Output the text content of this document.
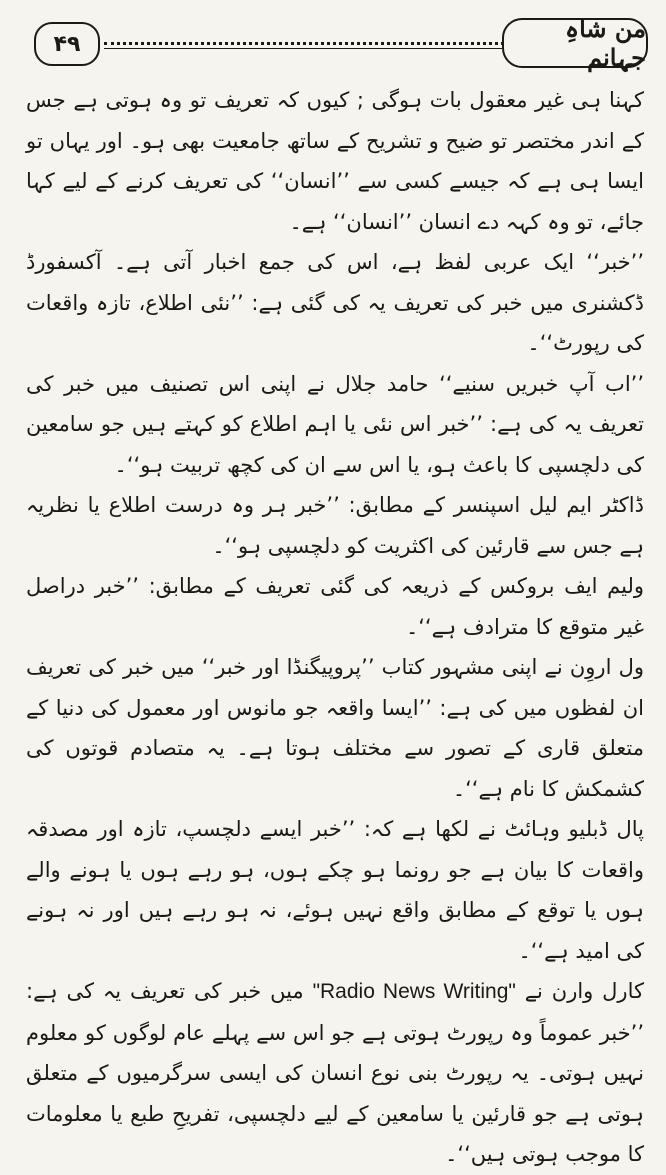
۴۹
من شاہِ جہانم

کہنا ہی غیر معقول بات ہوگی ; کیوں کہ تعریف تو وہ ہوتی ہے جس کے اندر مختصر تو ضیح و تشریح کے ساتھ جامعیت بھی ہو۔ اور یہاں تو ایسا ہی ہے کہ جیسے کسی سے ’’انسان‘‘ کی تعریف کرنے کے لیے کہا جائے، تو وہ کہہ دے انسان ’’انسان‘‘ ہے۔

’’خبر‘‘ ایک عربی لفظ ہے، اس کی جمع اخبار آتی ہے۔ آکسفورڈ ڈکشنری میں خبر کی تعریف یہ کی گئی ہے: ’’نئی اطلاع، تازہ واقعات کی رپورٹ‘‘۔

’’اب آپ خبریں سنیے‘‘ حامد جلال نے اپنی اس تصنیف میں خبر کی تعریف یہ کی ہے: ’’خبر اس نئی یا اہم اطلاع کو کہتے ہیں جو سامعین کی دلچسپی کا باعث ہو، یا اس سے ان کی کچھ تربیت ہو‘‘۔

ڈاکٹر ایم لیل اسپنسر کے مطابق: ’’خبر ہر وہ درست اطلاع یا نظریہ ہے جس سے قارئین کی اکثریت کو دلچسپی ہو‘‘۔

ولیم ایف بروکس کے ذریعہ کی گئی تعریف کے مطابق: ’’خبر دراصل غیر متوقع کا مترادف ہے‘‘۔

ول اروِن نے اپنی مشہور کتاب ’’پروپیگنڈا اور خبر‘‘ میں خبر کی تعریف ان لفظوں میں کی ہے: ’’ایسا واقعہ جو مانوس اور معمول کی دنیا کے متعلق قاری کے تصور سے مختلف ہوتا ہے۔ یہ متصادم قوتوں کی کشمکش کا نام ہے‘‘۔

پال ڈبلیو وہائٹ نے لکھا ہے کہ: ’’خبر ایسے دلچسپ، تازہ اور مصدقہ واقعات کا بیان ہے جو رونما ہو چکے ہوں، ہو رہے ہوں یا ہونے والے ہوں یا توقع کے مطابق واقع نہیں ہوئے، نہ ہو رہے ہیں اور نہ ہونے کی امید ہے‘‘۔

کارل وارن نے "Radio News Writing" میں خبر کی تعریف یہ کی ہے: ’’خبر عموماً وہ رپورٹ ہوتی ہے جو اس سے پہلے عام لوگوں کو معلوم نہیں ہوتی۔ یہ رپورٹ بنی نوع انسان کی ایسی سرگرمیوں کے متعلق ہوتی ہے جو قارئین یا سامعین کے لیے دلچسپی، تفریحِ طبع یا معلومات کا موجب ہوتی ہیں‘‘۔
